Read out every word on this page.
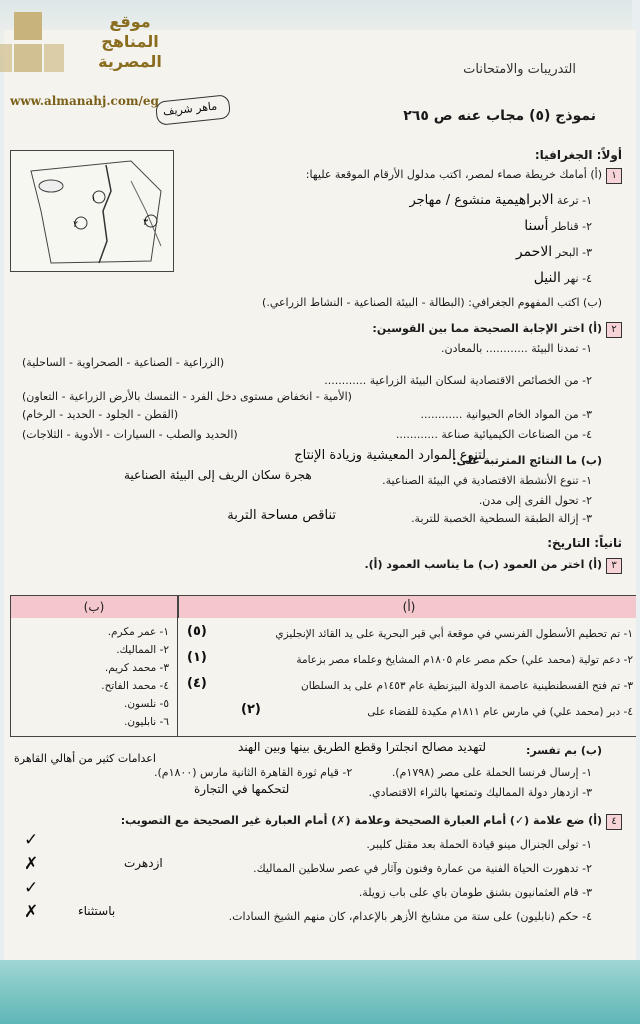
التدريبات والامتحانات
نموذج (٥) مجاب عنه ص ٢٦٥
ماهر شريف
أولاً: الجغرافيا:
١(أ) أمامك خريطة صماء لمصر، اكتب مدلول الأرقام الموقعة عليها:
١- ترعة الابراهيمية منشوع / مهاجر
٢- قناطر أسنا
٣- البحر الاحمر
٤- نهر النيل
(ب) اكتب المفهوم الجغرافي: (البطالة - البيئة الصناعية - النشاط الزراعي.)
١
٢	٣
٢(أ) اختر الإجابة الصحيحة مما بين القوسين:
١- تمدنا البيئة ............ بالمعادن.
(الزراعية - الصناعية - الصحراوية - الساحلية)
٢- من الخصائص الاقتصادية لسكان البيئة الزراعية ............
(الأمية - انخفاض مستوى دخل الفرد - التمسك بالأرض الزراعية - التعاون)
٣- من المواد الخام الحيوانية ............
(القطن - الجلود - الحديد - الرخام)
٤- من الصناعات الكيميائية صناعة ............
(الحديد والصلب - السيارات - الأدوية - الثلاجات)
(ب) ما النتائج المترتبة على:
لتنوع الموارد المعيشية وزيادة الإنتاج
١- تنوع الأنشطة الاقتصادية في البيئة الصناعية.
هجرة سكان الريف إلى البيئة الصناعية
٢- تحول القرى إلى مدن.
٣- إزالة الطبقة السطحية الخصبة للتربة.
تناقص مساحة التربة
ثانياً: التاريخ:
٣(أ) اختر من العمود (ب) ما يناسب العمود (أ).
(أ)
(ب)
١- تم تحطيم الأسطول الفرنسي في موقعة أبي قير البحرية على يد القائد الإنجليزي
٢- دعم تولية (محمد علي) حكم مصر عام ١٨٠٥م المشايخ وعلماء مصر بزعامة
٣- تم فتح القسطنطينية عاصمة الدولة البيزنطية عام ١٤٥٣م على يد السلطان
٤- دبر (محمد علي) في مارس عام ١٨١١م مكيدة للقضاء على
(٥)
(١)
(٤)
(٢)
١- عمر مكرم.
٢- المماليك.
٣- محمد كريم.
٤- محمد الفاتح.
٥- نلسون.
٦- نابليون.
(ب) بم تفسر:
لتهديد مصالح انجلترا وقطع الطريق بينها وبين الهند
١- إرسال فرنسا الحملة على مصر (١٧٩٨م).
٢- قيام ثورة القاهرة الثانية مارس (١٨٠٠م).
اعدامات كثير من أهالي القاهرة
٣- ازدهار دولة المماليك وتمتعها بالثراء الاقتصادي.
لتحكمها في التجارة
٤(أ) ضع علامة (✓) أمام العبارة الصحيحة وعلامة (✗) أمام العبارة غير الصحيحة مع التصويب:
١- تولى الجنرال مينو قيادة الحملة بعد مقتل كليبر.
٢- تدهورت الحياة الفنية من عمارة وفنون وآثار في عصر سلاطين المماليك.
ازدهرت
٣- قام العثمانيون بشنق طومان باي على باب زويلة.
٤- حكم (نابليون) على ستة من مشايخ الأزهر بالإعدام، كان منهم الشيخ السادات.
باستثناء
✓
✗
✓
✗
موقع
المناهج المصرية
www.almanahj.com/eg
